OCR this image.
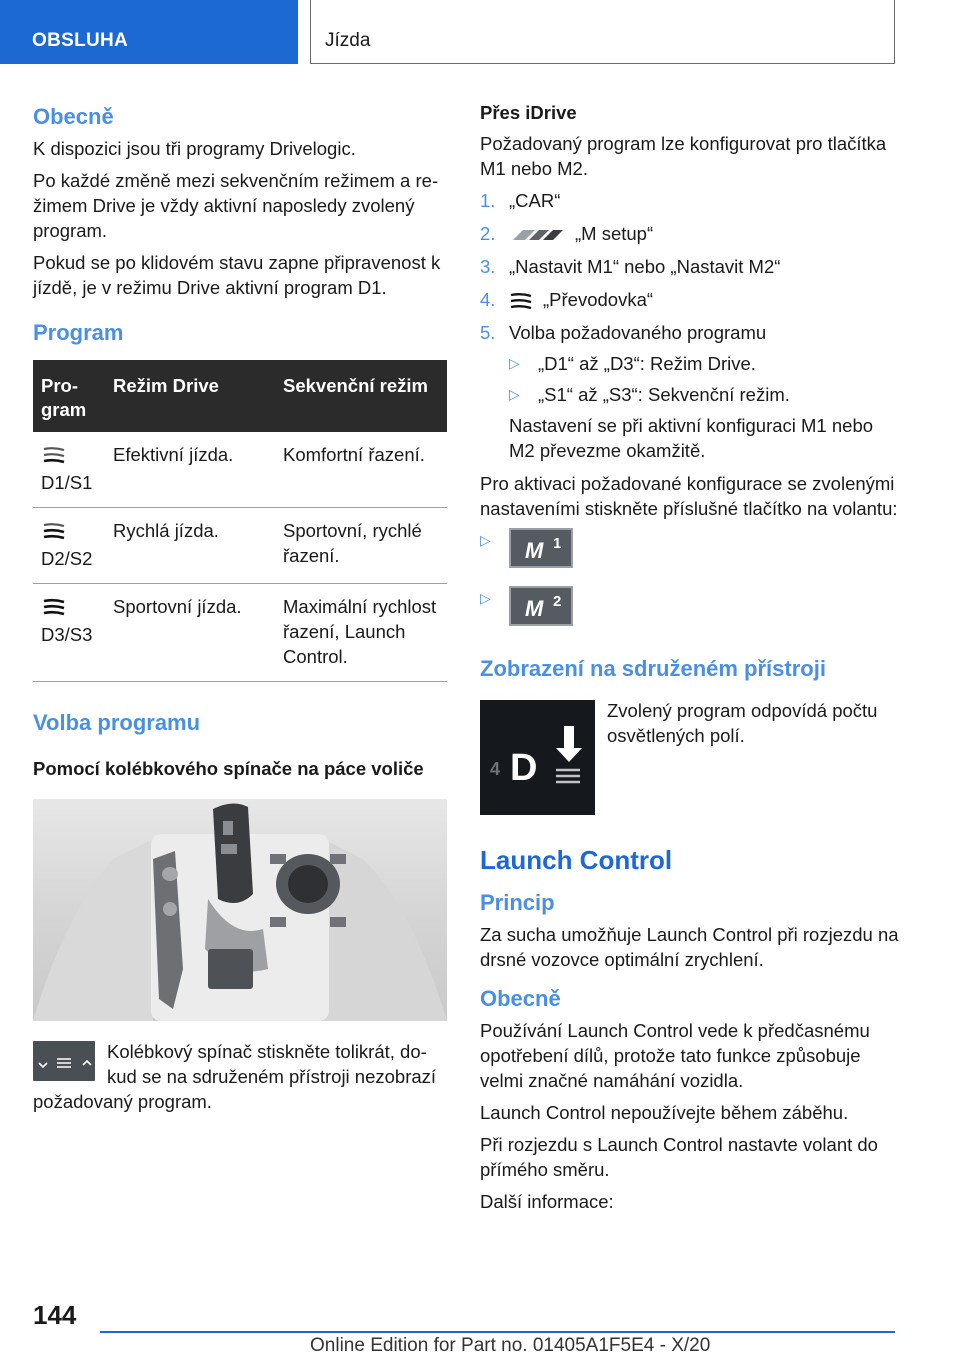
OBSLUHA	Jízda
Obecně

K dispozici jsou tři programy Drivelogic.

Po každé změně mezi sekvenčním režimem a režimem Drive je vždy aktivní naposledy zvolený program.

Pokud se po klidovém stavu zapne připravenost k jízdě, je v režimu Drive aktivní program D1.

Program
Program	Režim Drive	Sekvenční režim

D1/S1	Efektivní jízda.	Komfortní řazení.

D2/S2	Rychlá jízda.	Sportovní, rychlé řazení.

D3/S3	Sportovní jízda.	Maximální rychlost řazení, Launch Control.
Volba programu
Pomocí kolébkového spínače na páce voliče

Kolébkový spínač stiskněte tolikrát, dokud se na sdruženém přístroji nezobrazí požadovaný program.

Přes iDrive

Požadovaný program lze konfigurovat pro tlačítka M1 nebo M2.

1. „CAR“
2.	„M setup“
3. „Nastavit M1“ nebo „Nastavit M2“
4.	„Převodovka“
5. Volba požadovaného programu
▷ „D1“ až „D3“: Režim Drive.
▷ „S1“ až „S3“: Sekvenční režim.

Nastavení se při aktivní konfiguraci M1 nebo M2 převezme okamžitě.

Pro aktivaci požadované konfigurace se zvolenými nastaveními stiskněte příslušné tlačítko na volantu:

▷ M 1
▷ M 2
Zobrazení na sdruženém přístroji
4 D

Zvolený program odpovídá počtu osvětlených polí.

Launch Control
Princip

Za sucha umožňuje Launch Control při rozjezdu na drsné vozovce optimální zrychlení.

Obecně

Používání Launch Control vede k předčasnému opotřebení dílů, protože tato funkce způsobuje velmi značné namáhání vozidla.

Launch Control nepoužívejte během záběhu.

Při rozjezdu s Launch Control nastavte volant do přímého směru.

Další informace:

144
Online Edition for Part no. 01405A1F5E4 - X/20
